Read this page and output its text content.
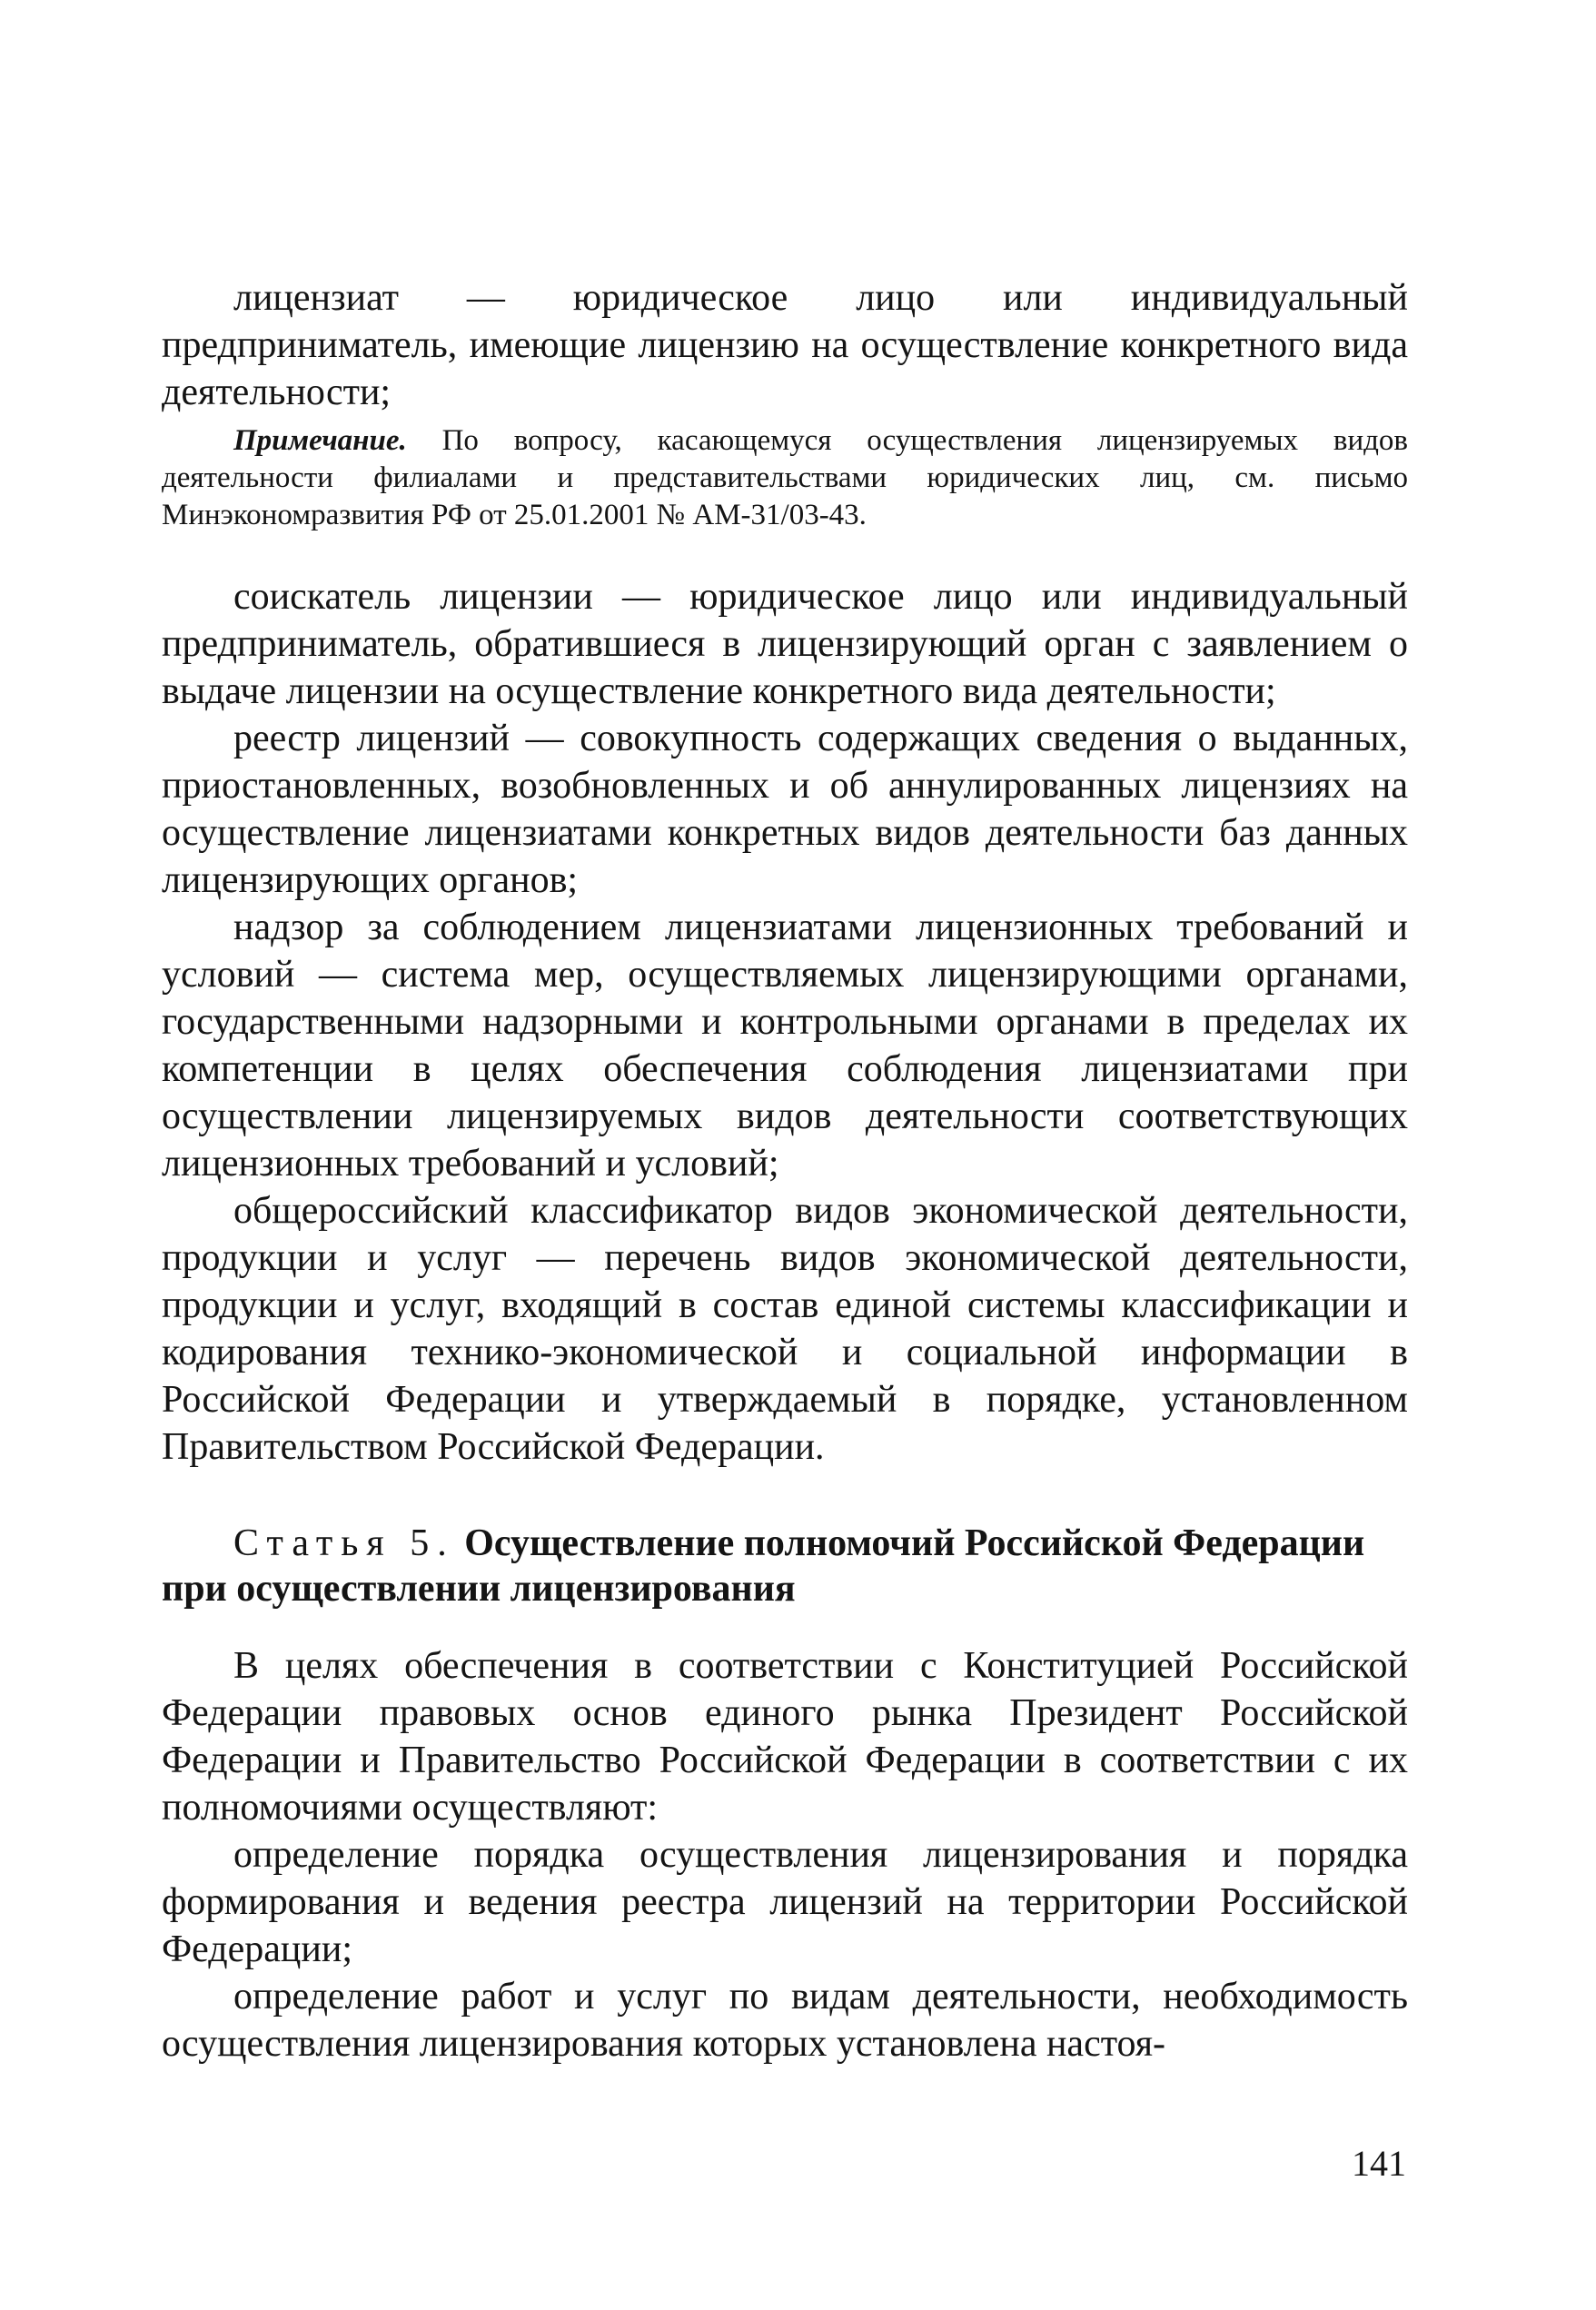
лицензиат — юридическое лицо или индивидуальный предприниматель, имеющие лицензию на осуществление конкретного вида деятельности;

Примечание. По вопросу, касающемуся осуществления лицензируемых видов деятельности филиалами и представительствами юридических лиц, см. письмо Минэкономразвития РФ от 25.01.2001 № АМ-31/03-43.

соискатель лицензии — юридическое лицо или индивидуальный предприниматель, обратившиеся в лицензирующий орган с заявлением о выдаче лицензии на осуществление конкретного вида деятельности;

реестр лицензий — совокупность содержащих сведения о выданных, приостановленных, возобновленных и об аннулированных лицензиях на осуществление лицензиатами конкретных видов деятельности баз данных лицензирующих органов;

надзор за соблюдением лицензиатами лицензионных требований и условий — система мер, осуществляемых лицензирующими органами, государственными надзорными и контрольными органами в пределах их компетенции в целях обеспечения соблюдения лицензиатами при осуществлении лицензируемых видов деятельности соответствующих лицензионных требований и условий;

общероссийский классификатор видов экономической деятельности, продукции и услуг — перечень видов экономической деятельности, продукции и услуг, входящий в состав единой системы классификации и кодирования технико-экономической и социальной информации в Российской Федерации и утверждаемый в порядке, установленном Правительством Российской Федерации.

Статья 5. Осуществление полномочий Российской Федерации при осуществлении лицензирования

В целях обеспечения в соответствии с Конституцией Российской Федерации правовых основ единого рынка Президент Российской Федерации и Правительство Российской Федерации в соответствии с их полномочиями осуществляют:

определение порядка осуществления лицензирования и порядка формирования и ведения реестра лицензий на территории Российской Федерации;

определение работ и услуг по видам деятельности, необходимость осуществления лицензирования которых установлена настоя-

141
